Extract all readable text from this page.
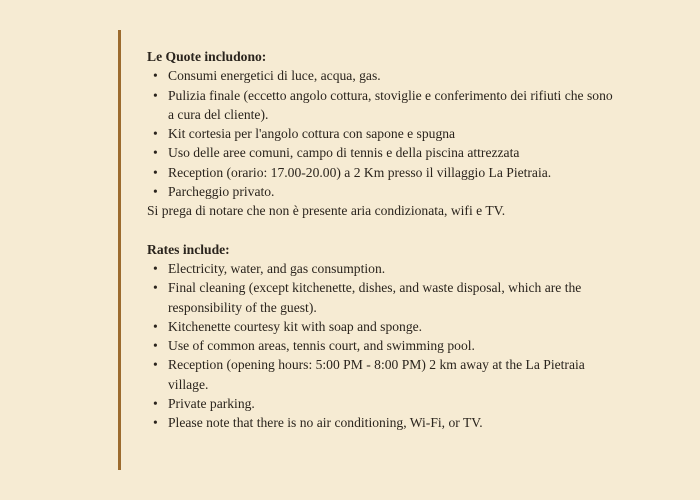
Le Quote includono:

• Consumi energetici di luce, acqua, gas.
• Pulizia finale (eccetto angolo cottura, stoviglie e conferimento dei rifiuti che sono a cura del cliente).
• Kit cortesia per l'angolo cottura con sapone e spugna
• Uso delle aree comuni, campo di tennis e della piscina attrezzata
• Reception (orario: 17.00-20.00) a 2 Km presso il villaggio La Pietraia.
• Parcheggio privato.

Si prega di notare che non è presente aria condizionata, wifi e TV.

Rates include:

• Electricity, water, and gas consumption.
• Final cleaning (except kitchenette, dishes, and waste disposal, which are the responsibility of the guest).
• Kitchenette courtesy kit with soap and sponge.
• Use of common areas, tennis court, and swimming pool.
• Reception (opening hours: 5:00 PM - 8:00 PM) 2 km away at the La Pietraia village.
• Private parking.
• Please note that there is no air conditioning, Wi-Fi, or TV.
